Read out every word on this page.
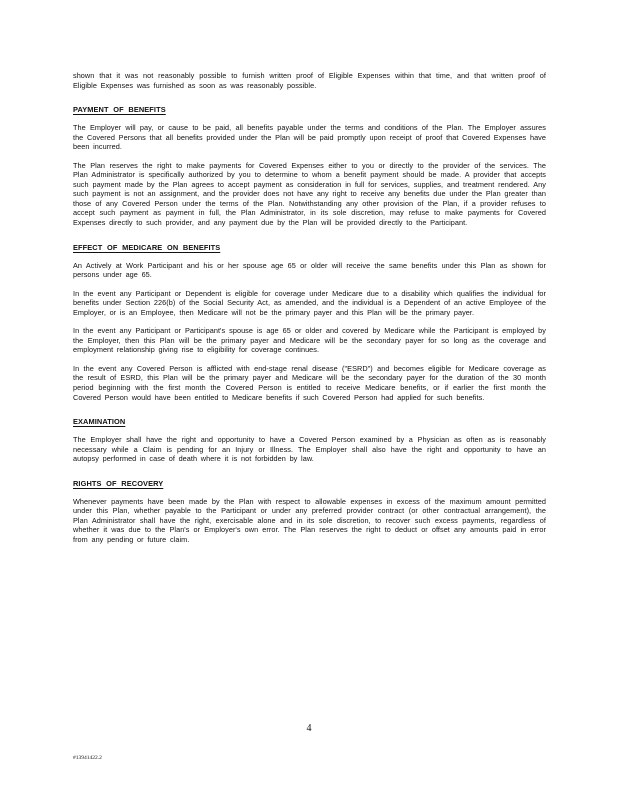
shown that it was not reasonably possible to furnish written proof of Eligible Expenses within that time, and that written proof of Eligible Expenses was furnished as soon as was reasonably possible.

PAYMENT OF BENEFITS

The Employer will pay, or cause to be paid, all benefits payable under the terms and conditions of the Plan. The Employer assures the Covered Persons that all benefits provided under the Plan will be paid promptly upon receipt of proof that Covered Expenses have been incurred.

The Plan reserves the right to make payments for Covered Expenses either to you or directly to the provider of the services. The Plan Administrator is specifically authorized by you to determine to whom a benefit payment should be made. A provider that accepts such payment made by the Plan agrees to accept payment as consideration in full for services, supplies, and treatment rendered. Any such payment is not an assignment, and the provider does not have any right to receive any benefits due under the Plan greater than those of any Covered Person under the terms of the Plan. Notwithstanding any other provision of the Plan, if a provider refuses to accept such payment as payment in full, the Plan Administrator, in its sole discretion, may refuse to make payments for Covered Expenses directly to such provider, and any payment due by the Plan will be provided directly to the Participant.

EFFECT OF MEDICARE ON BENEFITS

An Actively at Work Participant and his or her spouse age 65 or older will receive the same benefits under this Plan as shown for persons under age 65.

In the event any Participant or Dependent is eligible for coverage under Medicare due to a disability which qualifies the individual for benefits under Section 226(b) of the Social Security Act, as amended, and the individual is a Dependent of an active Employee of the Employer, or is an Employee, then Medicare will not be the primary payer and this Plan will be the primary payer.

In the event any Participant or Participant's spouse is age 65 or older and covered by Medicare while the Participant is employed by the Employer, then this Plan will be the primary payer and Medicare will be the secondary payer for so long as the coverage and employment relationship giving rise to eligibility for coverage continues.

In the event any Covered Person is afflicted with end-stage renal disease ("ESRD") and becomes eligible for Medicare coverage as the result of ESRD, this Plan will be the primary payer and Medicare will be the secondary payer for the duration of the 30 month period beginning with the first month the Covered Person is entitled to receive Medicare benefits, or if earlier the first month the Covered Person would have been entitled to Medicare benefits if such Covered Person had applied for such benefits.

EXAMINATION

The Employer shall have the right and opportunity to have a Covered Person examined by a Physician as often as is reasonably necessary while a Claim is pending for an Injury or Illness. The Employer shall also have the right and opportunity to have an autopsy performed in case of death where it is not forbidden by law.

RIGHTS OF RECOVERY

Whenever payments have been made by the Plan with respect to allowable expenses in excess of the maximum amount permitted under this Plan, whether payable to the Participant or under any preferred provider contract (or other contractual arrangement), the Plan Administrator shall have the right, exercisable alone and in its sole discretion, to recover such excess payments, regardless of whether it was due to the Plan's or Employer's own error. The Plan reserves the right to deduct or offset any amounts paid in error from any pending or future claim.

4
#13941422.2
